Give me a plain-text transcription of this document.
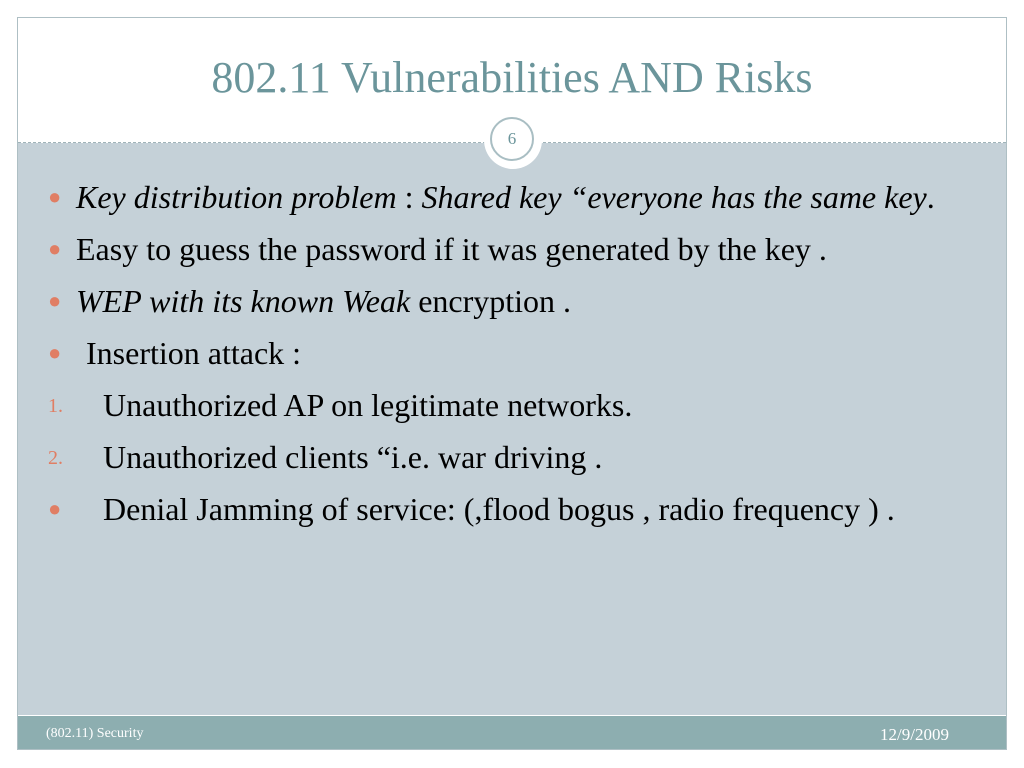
802.11 Vulnerabilities AND Risks
6
● Key distribution problem : Shared key “everyone has the same key.
● Easy to guess the password if it was generated by the key .
● WEP with its known Weak encryption .
● Insertion attack :
1. Unauthorized AP on legitimate networks.
2. Unauthorized clients “i.e. war driving .
● Denial Jamming of service: (,flood bogus , radio frequency ) .
(802.11) Security	12/9/2009
